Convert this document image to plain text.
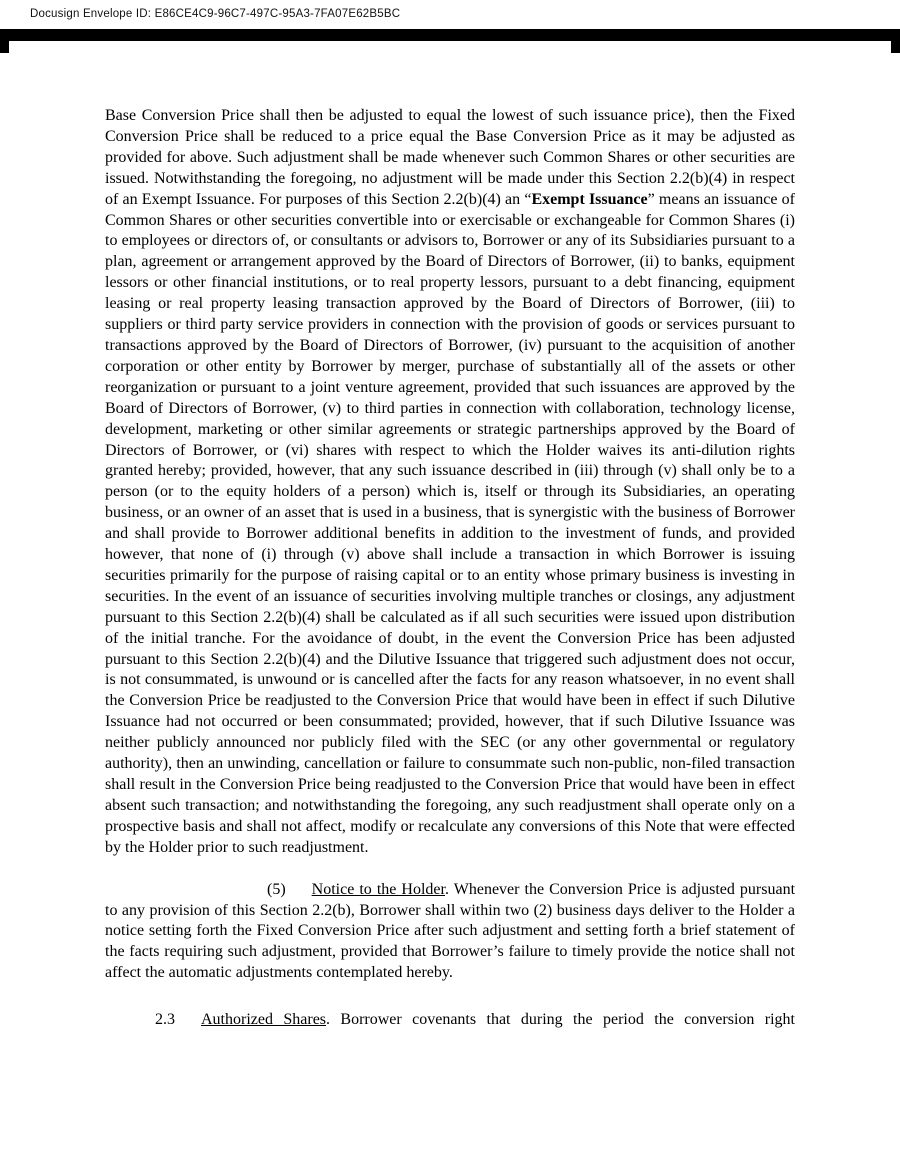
Docusign Envelope ID: E86CE4C9-96C7-497C-95A3-7FA07E62B5BC

Base Conversion Price shall then be adjusted to equal the lowest of such issuance price), then the Fixed Conversion Price shall be reduced to a price equal the Base Conversion Price as it may be adjusted as provided for above. Such adjustment shall be made whenever such Common Shares or other securities are issued. Notwithstanding the foregoing, no adjustment will be made under this Section 2.2(b)(4) in respect of an Exempt Issuance. For purposes of this Section 2.2(b)(4) an “Exempt Issuance” means an issuance of Common Shares or other securities convertible into or exercisable or exchangeable for Common Shares (i) to employees or directors of, or consultants or advisors to, Borrower or any of its Subsidiaries pursuant to a plan, agreement or arrangement approved by the Board of Directors of Borrower, (ii) to banks, equipment lessors or other financial institutions, or to real property lessors, pursuant to a debt financing, equipment leasing or real property leasing transaction approved by the Board of Directors of Borrower, (iii) to suppliers or third party service providers in connection with the provision of goods or services pursuant to transactions approved by the Board of Directors of Borrower, (iv) pursuant to the acquisition of another corporation or other entity by Borrower by merger, purchase of substantially all of the assets or other reorganization or pursuant to a joint venture agreement, provided that such issuances are approved by the Board of Directors of Borrower, (v) to third parties in connection with collaboration, technology license, development, marketing or other similar agreements or strategic partnerships approved by the Board of Directors of Borrower, or (vi) shares with respect to which the Holder waives its anti-dilution rights granted hereby; provided, however, that any such issuance described in (iii) through (v) shall only be to a person (or to the equity holders of a person) which is, itself or through its Subsidiaries, an operating business, or an owner of an asset that is used in a business, that is synergistic with the business of Borrower and shall provide to Borrower additional benefits in addition to the investment of funds, and provided however, that none of (i) through (v) above shall include a transaction in which Borrower is issuing securities primarily for the purpose of raising capital or to an entity whose primary business is investing in securities. In the event of an issuance of securities involving multiple tranches or closings, any adjustment pursuant to this Section 2.2(b)(4) shall be calculated as if all such securities were issued upon distribution of the initial tranche. For the avoidance of doubt, in the event the Conversion Price has been adjusted pursuant to this Section 2.2(b)(4) and the Dilutive Issuance that triggered such adjustment does not occur, is not consummated, is unwound or is cancelled after the facts for any reason whatsoever, in no event shall the Conversion Price be readjusted to the Conversion Price that would have been in effect if such Dilutive Issuance had not occurred or been consummated; provided, however, that if such Dilutive Issuance was neither publicly announced nor publicly filed with the SEC (or any other governmental or regulatory authority), then an unwinding, cancellation or failure to consummate such non-public, non-filed transaction shall result in the Conversion Price being readjusted to the Conversion Price that would have been in effect absent such transaction; and notwithstanding the foregoing, any such readjustment shall operate only on a prospective basis and shall not affect, modify or recalculate any conversions of this Note that were effected by the Holder prior to such readjustment.

(5) Notice to the Holder. Whenever the Conversion Price is adjusted pursuant to any provision of this Section 2.2(b), Borrower shall within two (2) business days deliver to the Holder a notice setting forth the Fixed Conversion Price after such adjustment and setting forth a brief statement of the facts requiring such adjustment, provided that Borrower’s failure to timely provide the notice shall not affect the automatic adjustments contemplated hereby.

2.3 Authorized Shares. Borrower covenants that during the period the conversion right
